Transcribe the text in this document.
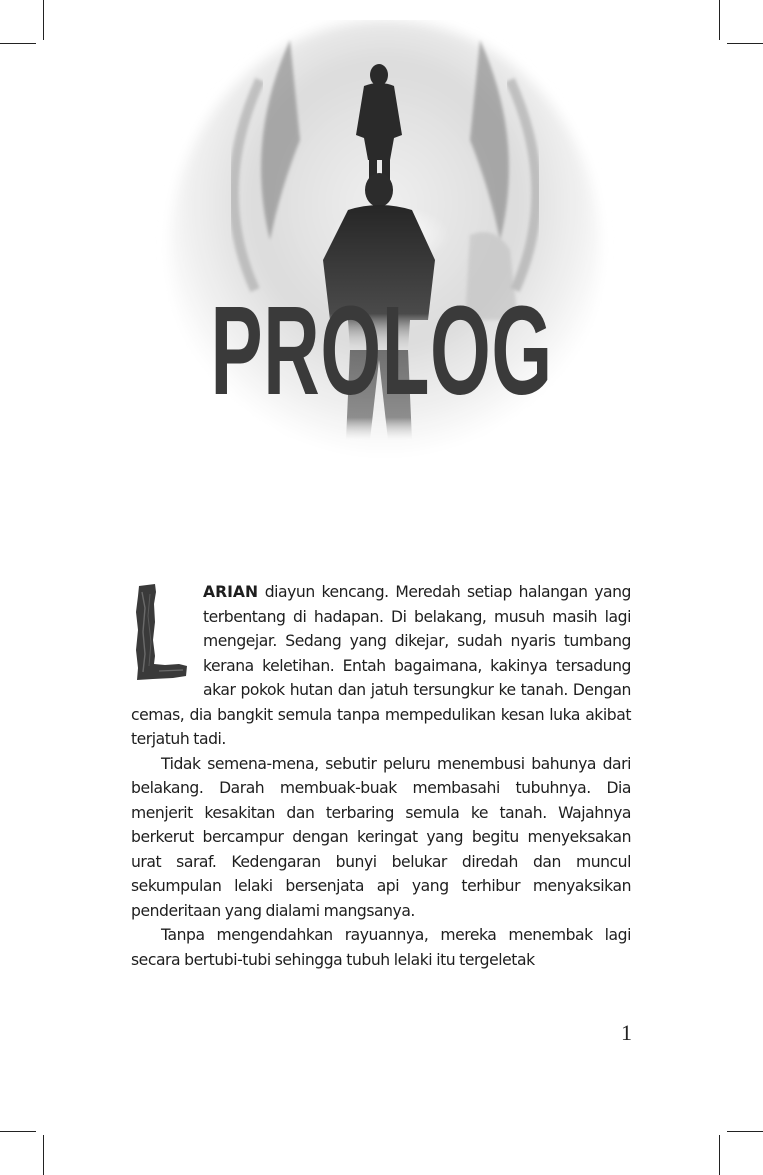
PROLOG

ARIAN diayun kencang. Meredah setiap halangan yang terbentang di hadapan. Di belakang, musuh masih lagi mengejar. Sedang yang dikejar, sudah nyaris tumbang kerana keletihan. Entah bagaimana, kakinya tersadung akar pokok hutan dan jatuh tersungkur ke tanah. Dengan cemas, dia bangkit semula tanpa mempedulikan kesan luka akibat terjatuh tadi.

Tidak semena-mena, sebutir peluru menembusi bahunya dari belakang. Darah membuak-buak membasahi tubuhnya. Dia menjerit kesakitan dan terbaring semula ke tanah. Wajahnya berkerut bercampur dengan keringat yang begitu menyeksakan urat saraf. Kedengaran bunyi belukar diredah dan muncul sekumpulan lelaki bersenjata api yang terhibur menyaksikan penderitaan yang dialami mangsanya.

Tanpa mengendahkan rayuannya, mereka menembak lagi secara bertubi-tubi sehingga tubuh lelaki itu tergeletak

1
